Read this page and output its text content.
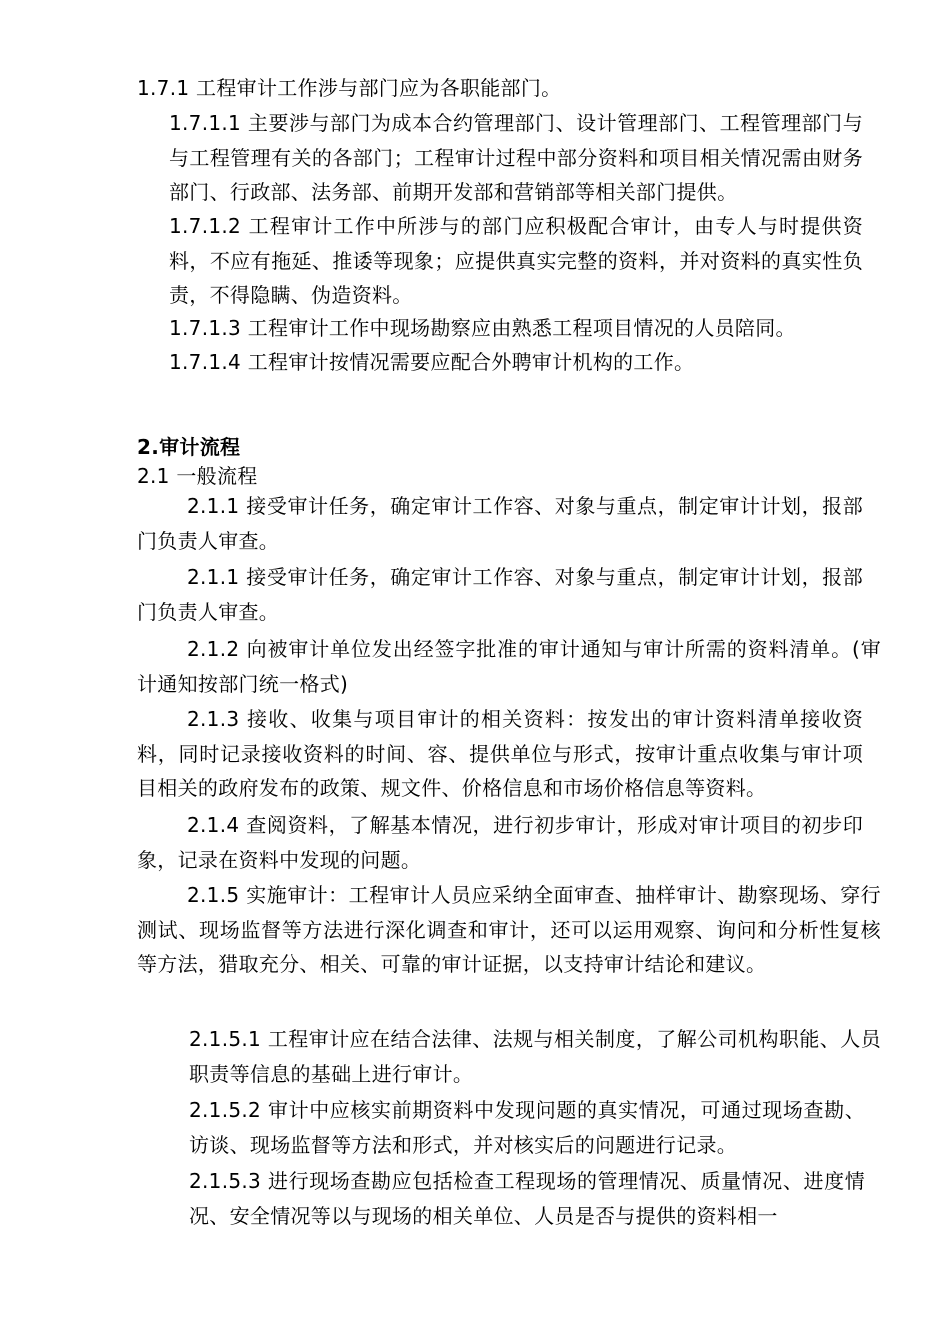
1.7.1 工程审计工作涉与部门应为各职能部门。

1.7.1.1 主要涉与部门为成本合约管理部门、设计管理部门、工程管理部门与与工程管理有关的各部门；工程审计过程中部分资料和项目相关情况需由财务部门、行政部、法务部、前期开发部和营销部等相关部门提供。

1.7.1.2 工程审计工作中所涉与的部门应积极配合审计，由专人与时提供资料，不应有拖延、推诿等现象；应提供真实完整的资料，并对资料的真实性负责，不得隐瞒、伪造资料。

1.7.1.3 工程审计工作中现场勘察应由熟悉工程项目情况的人员陪同。

1.7.1.4 工程审计按情况需要应配合外聘审计机构的工作。

2.审计流程

2.1 一般流程

2.1.1 接受审计任务，确定审计工作容、对象与重点，制定审计计划，报部门负责人审查。

2.1.1 接受审计任务，确定审计工作容、对象与重点，制定审计计划，报部门负责人审查。

2.1.2 向被审计单位发出经签字批准的审计通知与审计所需的资料清单。(审计通知按部门统一格式)

2.1.3 接收、收集与项目审计的相关资料：按发出的审计资料清单接收资料，同时记录接收资料的时间、容、提供单位与形式，按审计重点收集与审计项目相关的政府发布的政策、规文件、价格信息和市场价格信息等资料。

2.1.4 查阅资料，了解基本情况，进行初步审计，形成对审计项目的初步印象，记录在资料中发现的问题。

2.1.5 实施审计：工程审计人员应采纳全面审查、抽样审计、勘察现场、穿行测试、现场监督等方法进行深化调查和审计，还可以运用观察、询问和分析性复核等方法，猎取充分、相关、可靠的审计证据，以支持审计结论和建议。

2.1.5.1 工程审计应在结合法律、法规与相关制度，了解公司机构职能、人员职责等信息的基础上进行审计。

2.1.5.2 审计中应核实前期资料中发现问题的真实情况，可通过现场查勘、访谈、现场监督等方法和形式，并对核实后的问题进行记录。

2.1.5.3 进行现场查勘应包括检查工程现场的管理情况、质量情况、进度情况、安全情况等以与现场的相关单位、人员是否与提供的资料相一
